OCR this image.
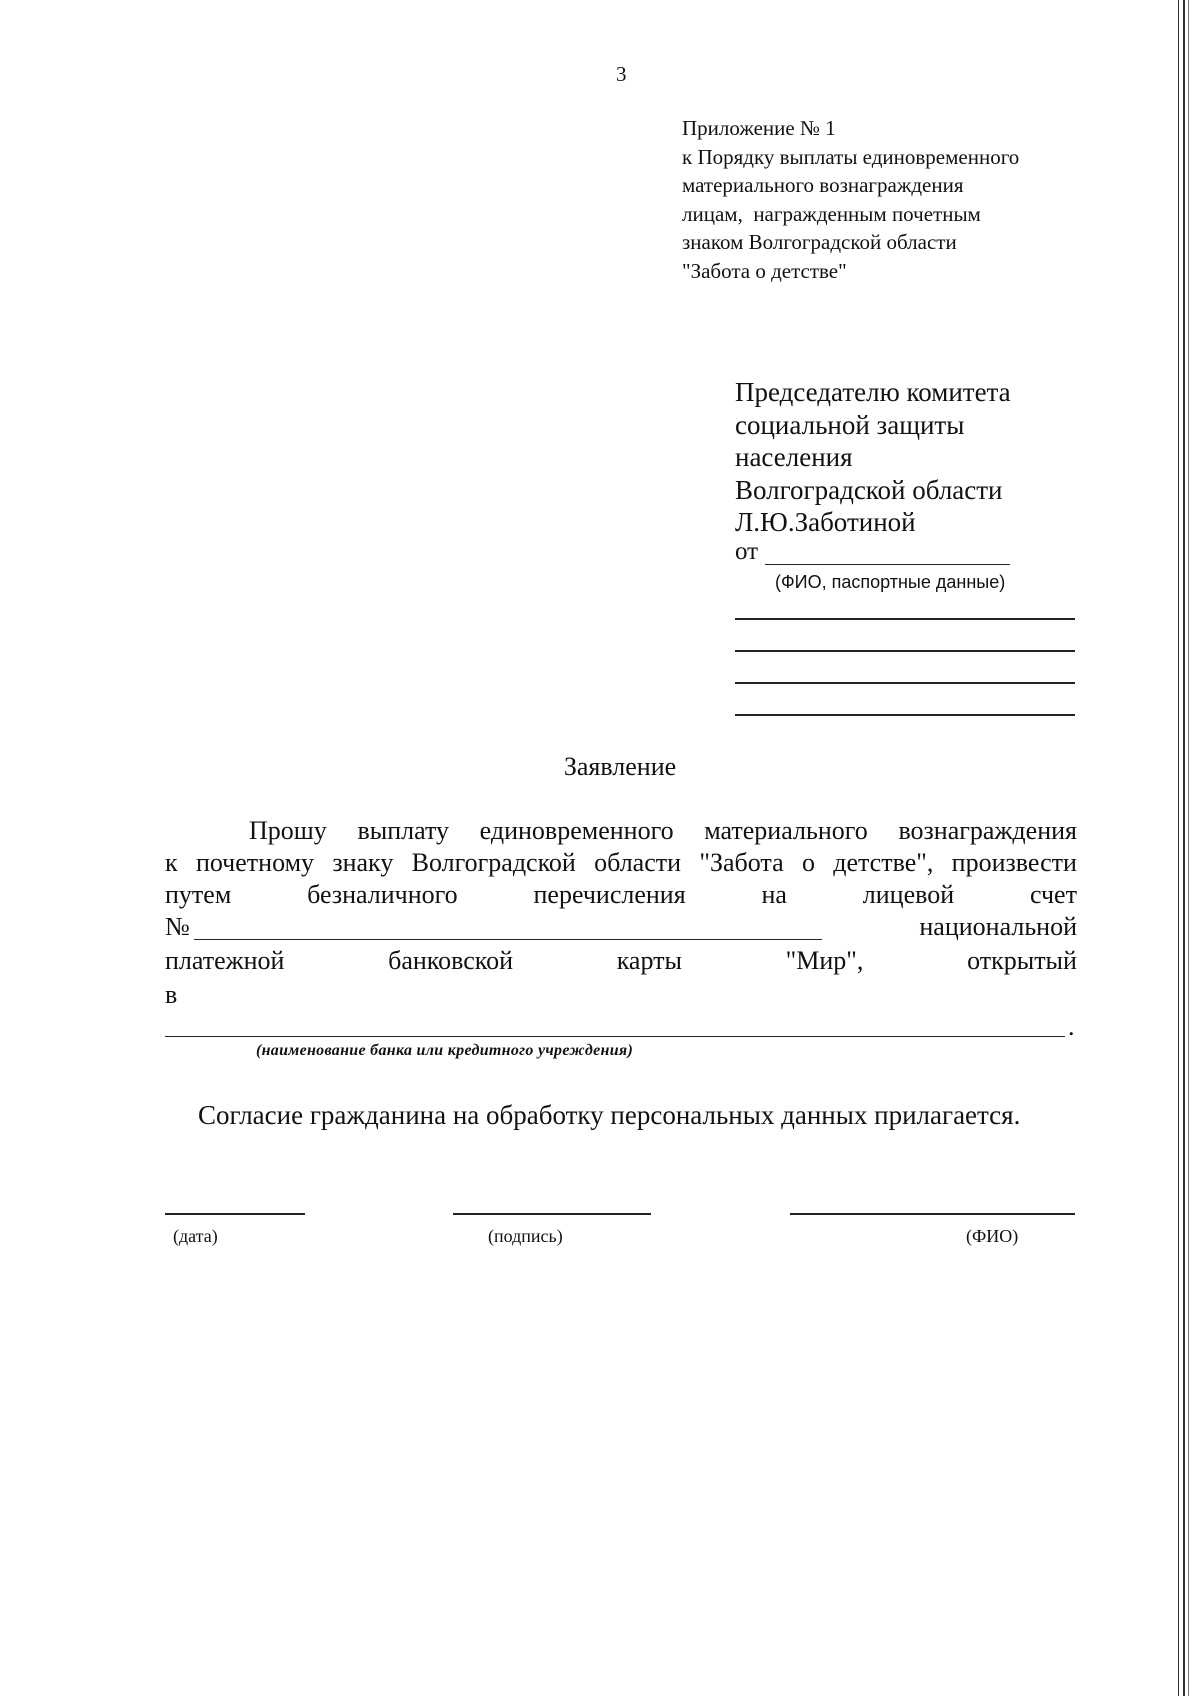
3
Приложение № 1
к Порядку выплаты единовременного
материального вознаграждения
лицам,  награжденным почетным
знаком Волгоградской области
"Забота о детстве"
Председателю комитета
социальной защиты
населения
Волгоградской области
Л.Ю.Заботиной
от
(ФИО, паспортные данные)
Заявление
Прошу выплату единовременного материального вознаграждения
к почетному знаку Волгоградской области "Забота о детстве", произвести
путем	безналичного	перечисления	на	лицевой	счет
№	национальной
платежной	банковской	карты	"Мир",	открытый
в
.
(наименование банка или кредитного учреждения)
Согласие гражданина на обработку персональных данных прилагается.
(дата)	(подпись)	(ФИО)
